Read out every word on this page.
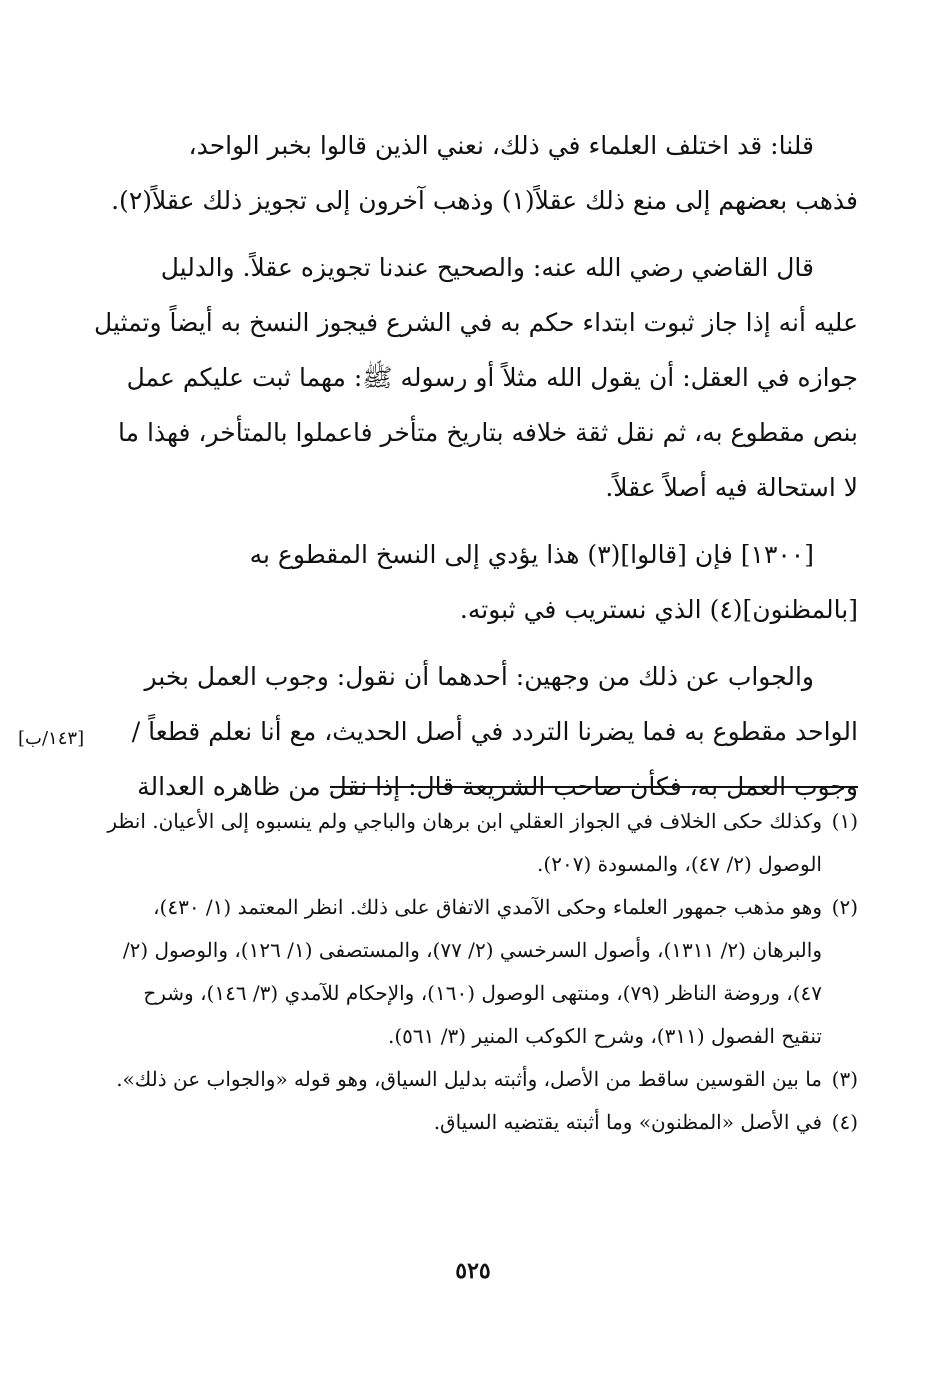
قلنا: قد اختلف العلماء في ذلك، نعني الذين قالوا بخبر الواحد،
فذهب بعضهم إلى منع ذلك عقلاً(١) وذهب آخرون إلى تجويز ذلك عقلاً(٢).

قال القاضي رضي الله عنه: والصحيح عندنا تجويزه عقلاً. والدليل
عليه أنه إذا جاز ثبوت ابتداء حكم به في الشرع فيجوز النسخ به أيضاً وتمثيل
جوازه في العقل: أن يقول الله مثلاً أو رسوله ﷺ: مهما ثبت عليكم عمل
بنص مقطوع به، ثم نقل ثقة خلافه بتاريخ متأخر فاعملوا بالمتأخر، فهذا ما
لا استحالة فيه أصلاً عقلاً.

[١٣٠٠] فإن [قالوا](٣) هذا يؤدي إلى النسخ المقطوع به
[بالمظنون](٤) الذي نستريب في ثبوته.

والجواب عن ذلك من وجهين: أحدهما أن نقول: وجوب العمل بخبر
الواحد مقطوع به فما يضرنا التردد في أصل الحديث، مع أنا نعلم قطعاً /
وجوب العمل به، فكأن صاحب الشريعة قال: إذا نقل من ظاهره العدالة
[١٤٣/ب]

(١)
وكذلك حكى الخلاف في الجواز العقلي ابن برهان والباجي ولم ينسبوه إلى الأعيان. انظر الوصول (٢/ ٤٧)، والمسودة (٢٠٧).
(٢)
وهو مذهب جمهور العلماء وحكى الآمدي الاتفاق على ذلك. انظر المعتمد (١/ ٤٣٠)، والبرهان (٢/ ١٣١١)، وأصول السرخسي (٢/ ٧٧)، والمستصفى (١/ ١٢٦)، والوصول (٢/ ٤٧)، وروضة الناظر (٧٩)، ومنتهى الوصول (١٦٠)، والإحكام للآمدي (٣/ ١٤٦)، وشرح تنقيح الفصول (٣١١)، وشرح الكوكب المنير (٣/ ٥٦١).
(٣)
ما بين القوسين ساقط من الأصل، وأثبته بدليل السياق، وهو قوله «والجواب عن ذلك».
(٤)
في الأصل «المظنون» وما أثبته يقتضيه السياق.
٥٢٥
